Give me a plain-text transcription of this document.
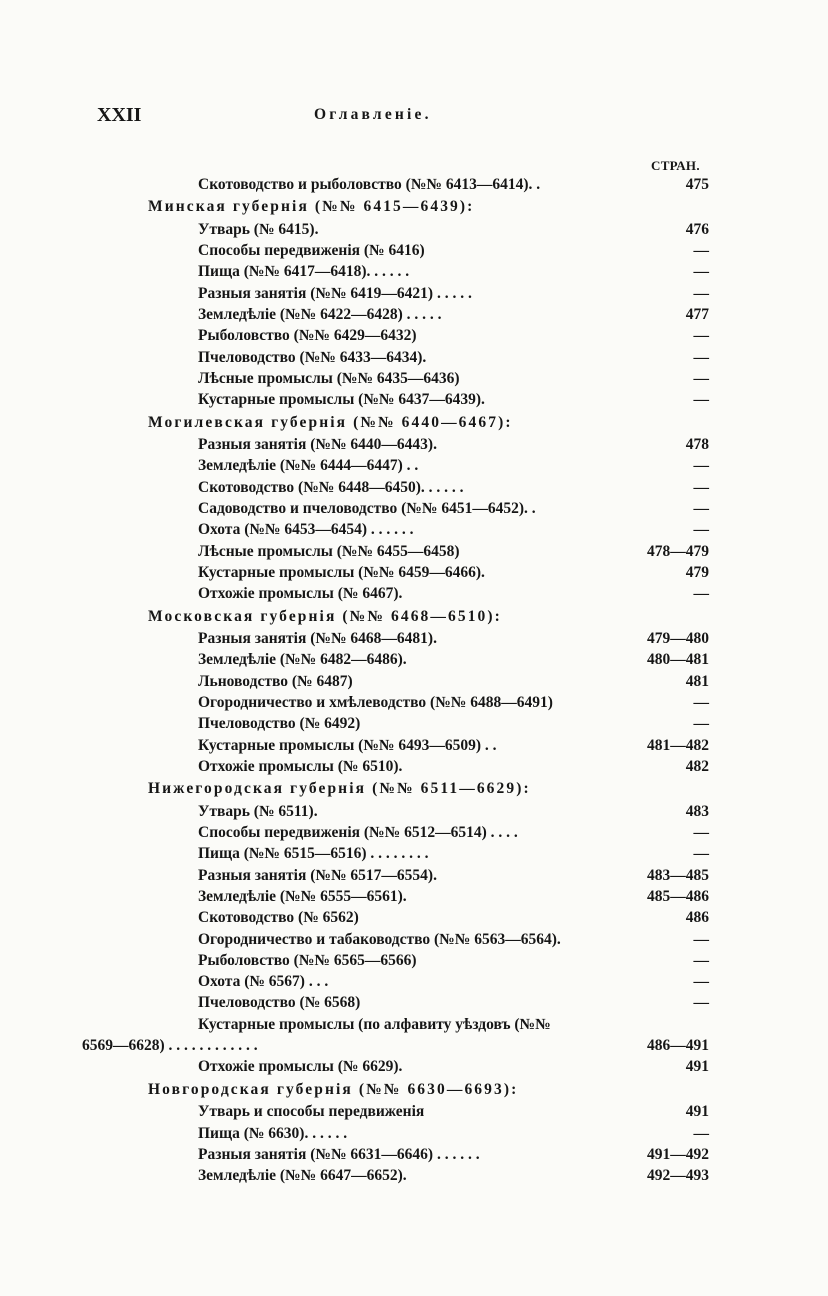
XXII	Оглавленіе.
СТРАН.
Скотоводство и рыболовство (№№ 6413—6414). .	475
Минская губернія (№№ 6415—6439):
Утварь (№ 6415).	476
Способы передвиженія (№ 6416)	—
Пища (№№ 6417—6418). . . . . .	—
Разныя занятія (№№ 6419—6421) . . . . .	—
Земледѣліе (№№ 6422—6428) . . . . .	477
Рыболовство (№№ 6429—6432)	—
Пчеловодство (№№ 6433—6434).	—
Лѣсные промыслы (№№ 6435—6436)	—
Кустарные промыслы (№№ 6437—6439).	—
Могилевская губернія (№№ 6440—6467):
Разныя занятія (№№ 6440—6443).	478
Земледѣліе (№№ 6444—6447) . .	—
Скотоводство (№№ 6448—6450). . . . . .	—
Садоводство и пчеловодство (№№ 6451—6452). .	—
Охота (№№ 6453—6454) . . . . . .	—
Лѣсные промыслы (№№ 6455—6458)	478—479
Кустарные промыслы (№№ 6459—6466).	479
Отхожіе промыслы (№ 6467).	—
Московская губернія (№№ 6468—6510):
Разныя занятія (№№ 6468—6481).	479—480
Земледѣліе (№№ 6482—6486).	480—481
Льноводство (№ 6487)	481
Огородничество и хмѣлеводство (№№ 6488—6491)	—
Пчеловодство (№ 6492)	—
Кустарные промыслы (№№ 6493—6509) . .	481—482
Отхожіе промыслы (№ 6510).	482
Нижегородская губернія (№№ 6511—6629):
Утварь (№ 6511).	483
Способы передвиженія (№№ 6512—6514) . . . .	—
Пища (№№ 6515—6516) . . . . . . . .	—
Разныя занятія (№№ 6517—6554).	483—485
Земледѣліе (№№ 6555—6561).	485—486
Скотоводство (№ 6562)	486
Огородничество и табаководство (№№ 6563—6564).	—
Рыболовство (№№ 6565—6566)	—
Охота (№ 6567) . . .	—
Пчеловодство (№ 6568)	—
Кустарные промыслы (по алфавиту уѣздовъ (№№
6569—6628) . . . . . . . . . . . .	486—491
Отхожіе промыслы (№ 6629).	491
Новгородская губернія (№№ 6630—6693):
Утварь и способы передвиженія	491
Пища (№ 6630). . . . . .	—
Разныя занятія (№№ 6631—6646) . . . . . .	491—492
Земледѣліе (№№ 6647—6652).	492—493
